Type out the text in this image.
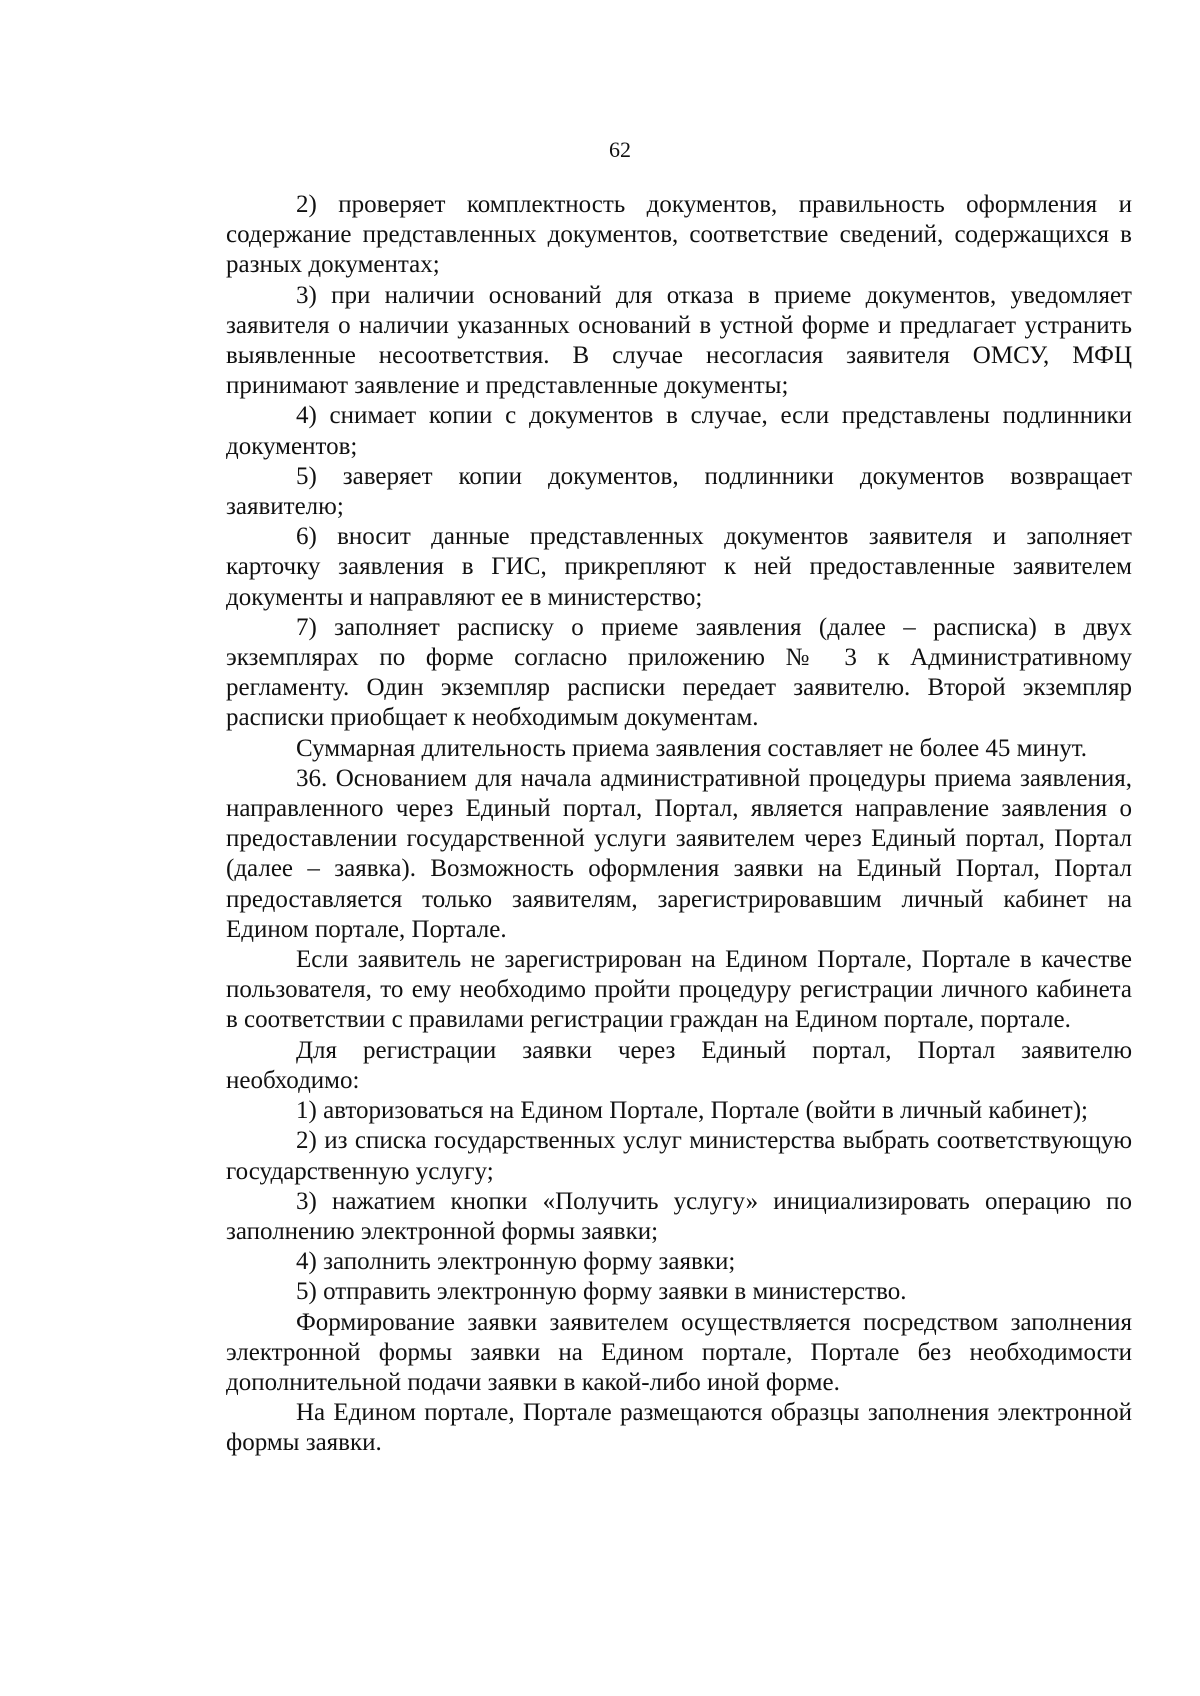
62

2) проверяет комплектность документов, правильность оформления и содержание представленных документов, соответствие сведений, содержащихся в разных документах;

3) при наличии оснований для отказа в приеме документов, уведомляет заявителя о наличии указанных оснований в устной форме и предлагает устранить выявленные несоответствия. В случае несогласия заявителя ОМСУ, МФЦ принимают заявление и представленные документы;

4) снимает копии с документов в случае, если представлены подлинники документов;

5) заверяет копии документов, подлинники документов возвращает заявителю;

6) вносит данные представленных документов заявителя и заполняет карточку заявления в ГИС, прикрепляют к ней предоставленные заявителем документы и направляют ее в министерство;

7) заполняет расписку о приеме заявления (далее – расписка) в двух экземплярах по форме согласно приложению № 3 к Административному регламенту. Один экземпляр расписки передает заявителю. Второй экземпляр расписки приобщает к необходимым документам.

Суммарная длительность приема заявления составляет не более 45 минут.

36. Основанием для начала административной процедуры приема заявления, направленного через Единый портал, Портал, является направление заявления о предоставлении государственной услуги заявителем через Единый портал, Портал (далее – заявка). Возможность оформления заявки на Единый Портал, Портал предоставляется только заявителям, зарегистрировавшим личный кабинет на Едином портале, Портале.

Если заявитель не зарегистрирован на Едином Портале, Портале в качестве пользователя, то ему необходимо пройти процедуру регистрации личного кабинета в соответствии с правилами регистрации граждан на Едином портале, портале.

Для регистрации заявки через Единый портал, Портал заявителю необходимо:

1) авторизоваться на Едином Портале, Портале (войти в личный кабинет);

2) из списка государственных услуг министерства выбрать соответствующую государственную услугу;

3) нажатием кнопки «Получить услугу» инициализировать операцию по заполнению электронной формы заявки;

4) заполнить электронную форму заявки;

5) отправить электронную форму заявки в министерство.

Формирование заявки заявителем осуществляется посредством заполнения электронной формы заявки на Едином портале, Портале без необходимости дополнительной подачи заявки в какой-либо иной форме.

На Едином портале, Портале размещаются образцы заполнения электронной формы заявки.
